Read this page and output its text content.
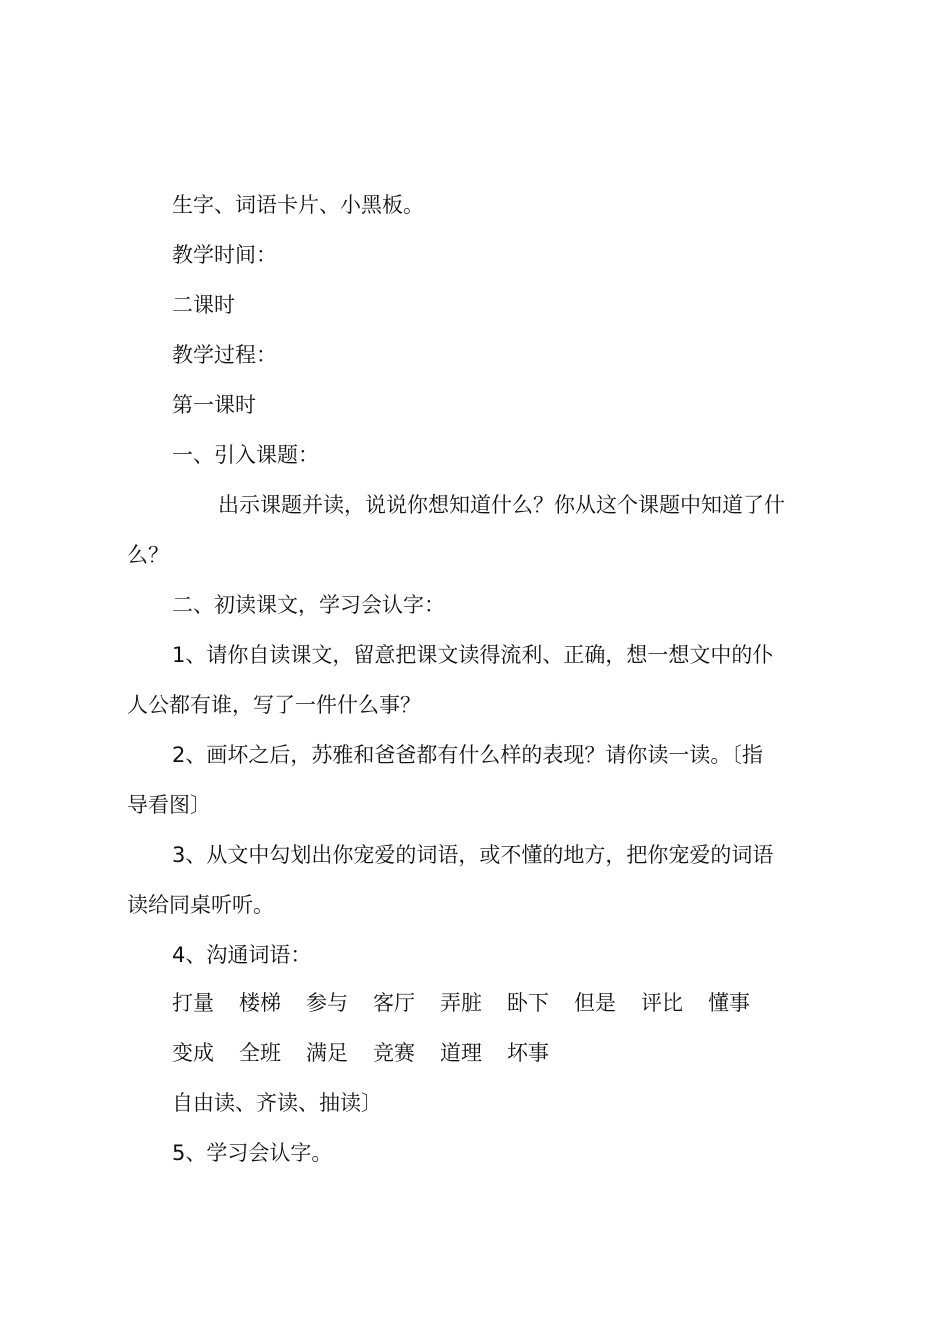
生字、词语卡片、小黑板。
教学时间：
二课时
教学过程：
第一课时
一、引入课题：
出示课题并读，说说你想知道什么？你从这个课题中知道了什
么？
二、初读课文，学习会认字：
1、请你自读课文，留意把课文读得流利、正确，想一想文中的仆
人公都有谁，写了一件什么事？
2、画坏之后，苏雅和爸爸都有什么样的表现？请你读一读。〔指
导看图〕
3、从文中勾划出你宠爱的词语，或不懂的地方，把你宠爱的词语
读给同桌听听。
4、沟通词语：
打量 楼梯 参与 客厅 弄脏 卧下 但是 评比 懂事
变成 全班 满足 竞赛 道理 坏事
自由读、齐读、抽读〕
5、学习会认字。
